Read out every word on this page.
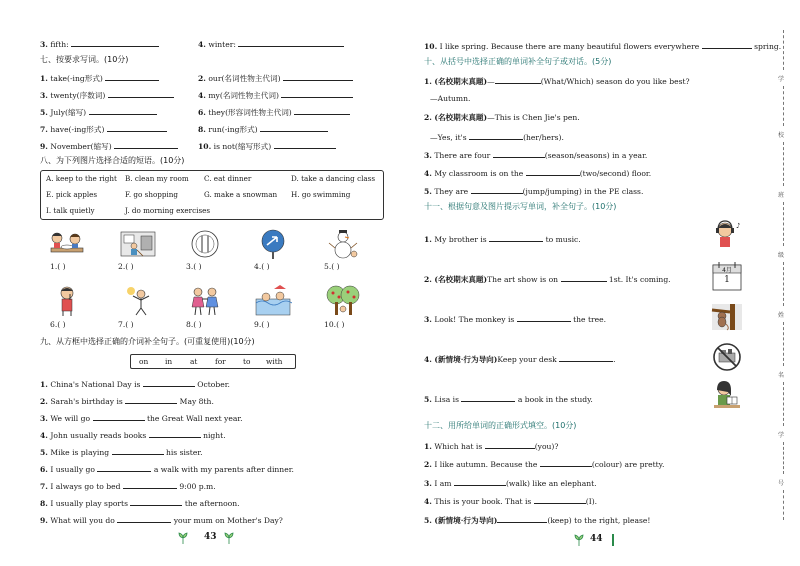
3. fifth:	4. winter:
七、按要求写词。(10分)
1. take(-ing形式)	2. our(名词性物主代词)
3. twenty(序数词)	4. my(名词性物主代词)
5. July(缩写)	6. they(形容词性物主代词)
7. have(-ing形式)	8. run(-ing形式)
9. November(缩写)	10. is not(缩写形式)
八、为下列图片选择合适的短语。(10分)
A. keep to the right B. clean my room C. eat dinner	D. take a dancing class
E. pick apples	F. go shopping	G. make a snowman H. go swimming
I. talk quietly	J. do morning exercises
1.( )	2.( )	3.( )	4.( )	5.( )
6.( )	7.( )	8.( )	9.( )	10.( )
九、从方框中选择正确的介词补全句子。(可重复使用)(10分)
on in at for to with
1. China's National Day is	October.
2. Sarah's birthday is	May 8th.
3. We will go	the Great Wall next year.
4. John usually reads books	night.
5. Mike is playing	his sister.
6. I usually go	a walk with my parents after dinner.
7. I always go to bed	9:00 p.m.
8. I usually play sports	the afternoon.
9. What will you do	your mum on Mother's Day?
43
10. I like spring. Because there are many beautiful flowers everywhere	spring.
十、从括号中选择正确的单词补全句子或对话。(5分)
1. (名校期末真题)—	(What/Which) season do you like best?
—Autumn.
2. (名校期末真题)—This is Chen Jie's pen.
—Yes, it's	(her/hers).
3. There are four	(season/seasons) in a year.
4. My classroom is on the	(two/second) floor.
5. They are	(jump/jumping) in the PE class.
十一、根据句意及图片提示写单词，补全句子。(10分)
1. My brother is	to music.
2. (名校期末真题)The art show is on	1st. It's coming.
3. Look! The monkey is	the tree.
4. (新情境·行为导向)Keep your desk	.
5. Lisa is	a book in the study.
♪
4月
1
十二、用所给单词的正确形式填空。(10分)
1. Which hat is	(you)?
2. I like autumn. Because the	(colour) are pretty.
3. I am	(walk) like an elephant.
4. This is your book. That is	(I).
5. (新情境·行为导向)	(keep) to the right, please!
44
学
校
班
级
姓
名
学
号
